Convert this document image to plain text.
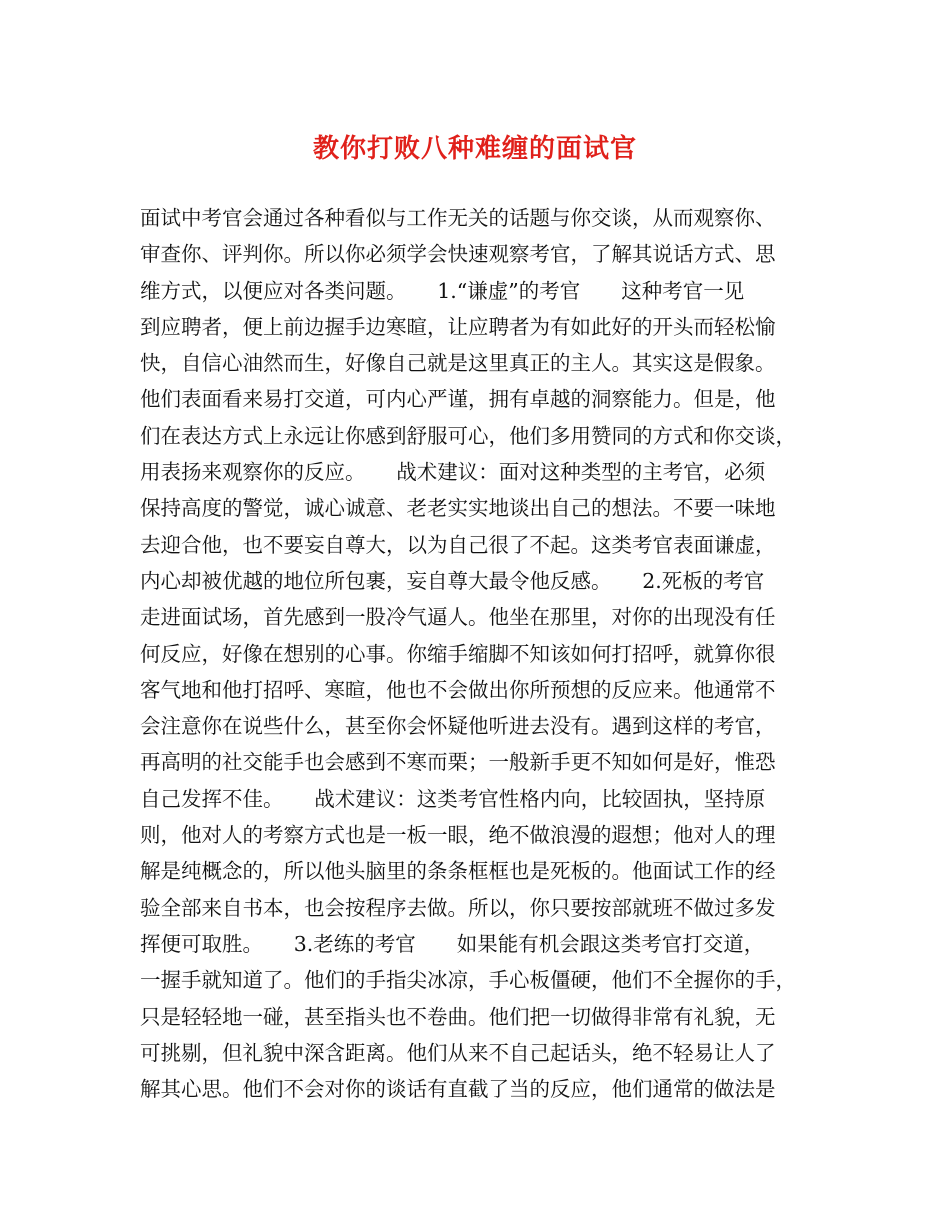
教你打败八种难缠的面试官
面试中考官会通过各种看似与工作无关的话题与你交谈，从而观察你、
审查你、评判你。所以你必须学会快速观察考官，了解其说话方式、思
维方式，以便应对各类问题。　　1.“谦虚”的考官　　这种考官一见
到应聘者，便上前边握手边寒暄，让应聘者为有如此好的开头而轻松愉
快，自信心油然而生，好像自己就是这里真正的主人。其实这是假象。
他们表面看来易打交道，可内心严谨，拥有卓越的洞察能力。但是，他
们在表达方式上永远让你感到舒服可心，他们多用赞同的方式和你交谈，
用表扬来观察你的反应。　　战术建议：面对这种类型的主考官，必须
保持高度的警觉，诚心诚意、老老实实地谈出自己的想法。不要一味地
去迎合他，也不要妄自尊大，以为自己很了不起。这类考官表面谦虚，
内心却被优越的地位所包裹，妄自尊大最令他反感。　　2.死板的考官
走进面试场，首先感到一股冷气逼人。他坐在那里，对你的出现没有任
何反应，好像在想别的心事。你缩手缩脚不知该如何打招呼，就算你很
客气地和他打招呼、寒暄，他也不会做出你所预想的反应来。他通常不
会注意你在说些什么，甚至你会怀疑他听进去没有。遇到这样的考官，
再高明的社交能手也会感到不寒而栗；一般新手更不知如何是好，惟恐
自己发挥不佳。　　战术建议：这类考官性格内向，比较固执，坚持原
则，他对人的考察方式也是一板一眼，绝不做浪漫的遐想；他对人的理
解是纯概念的，所以他头脑里的条条框框也是死板的。他面试工作的经
验全部来自书本，也会按程序去做。所以，你只要按部就班不做过多发
挥便可取胜。　　3.老练的考官　　如果能有机会跟这类考官打交道，
一握手就知道了。他们的手指尖冰凉，手心板僵硬，他们不全握你的手，
只是轻轻地一碰，甚至指头也不卷曲。他们把一切做得非常有礼貌，无
可挑剔，但礼貌中深含距离。他们从来不自己起话头，绝不轻易让人了
解其心思。他们不会对你的谈话有直截了当的反应，他们通常的做法是
